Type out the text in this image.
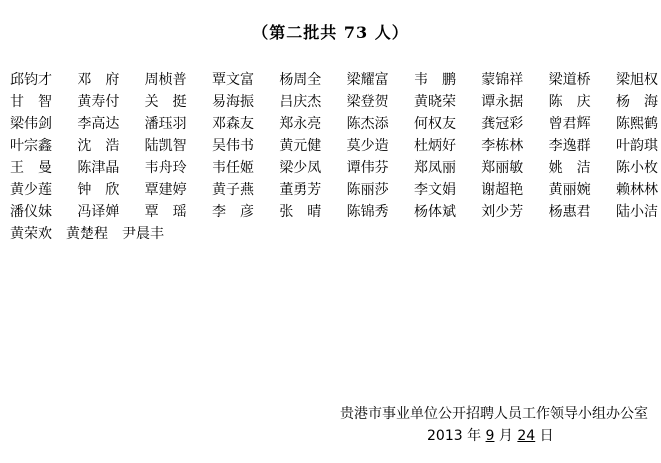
（第二批共 73 人）
邱钧才 邓　府 周桢普 覃文富 杨周全 梁耀富 韦　鹏 蒙锦祥 梁道桥 梁旭权
甘　智 黄寿付 关　挺 易海振 吕庆杰 梁登贺 黄晓荣 谭永据 陈　庆 杨　海
梁伟剑 李高达 潘珏羽 邓森友 郑永亮 陈杰添 何权友 龚冠彩 曾君辉 陈熙鹤
叶宗鑫 沈　浩 陆凯智 吴伟书 黄元健 莫少造 杜炳好 李栋林 李逸群 叶韵琪
王　曼 陈津晶 韦舟玲 韦任姬 梁少凤 谭伟芬 郑凤丽 郑丽敏 姚　洁 陈小枚
黄少莲 钟　欣 覃建婷 黄子燕 董勇芳 陈丽莎 李文娟 谢超艳 黄丽婉 赖林林
潘仪妹 冯译婵 覃　瑶 李　彦 张　晴 陈锦秀 杨体斌 刘少芳 杨惠君 陆小洁
黄荣欢 黄楚程 尹晨丰
贵港市事业单位公开招聘人员工作领导小组办公室
2013 年 9 月 24 日
